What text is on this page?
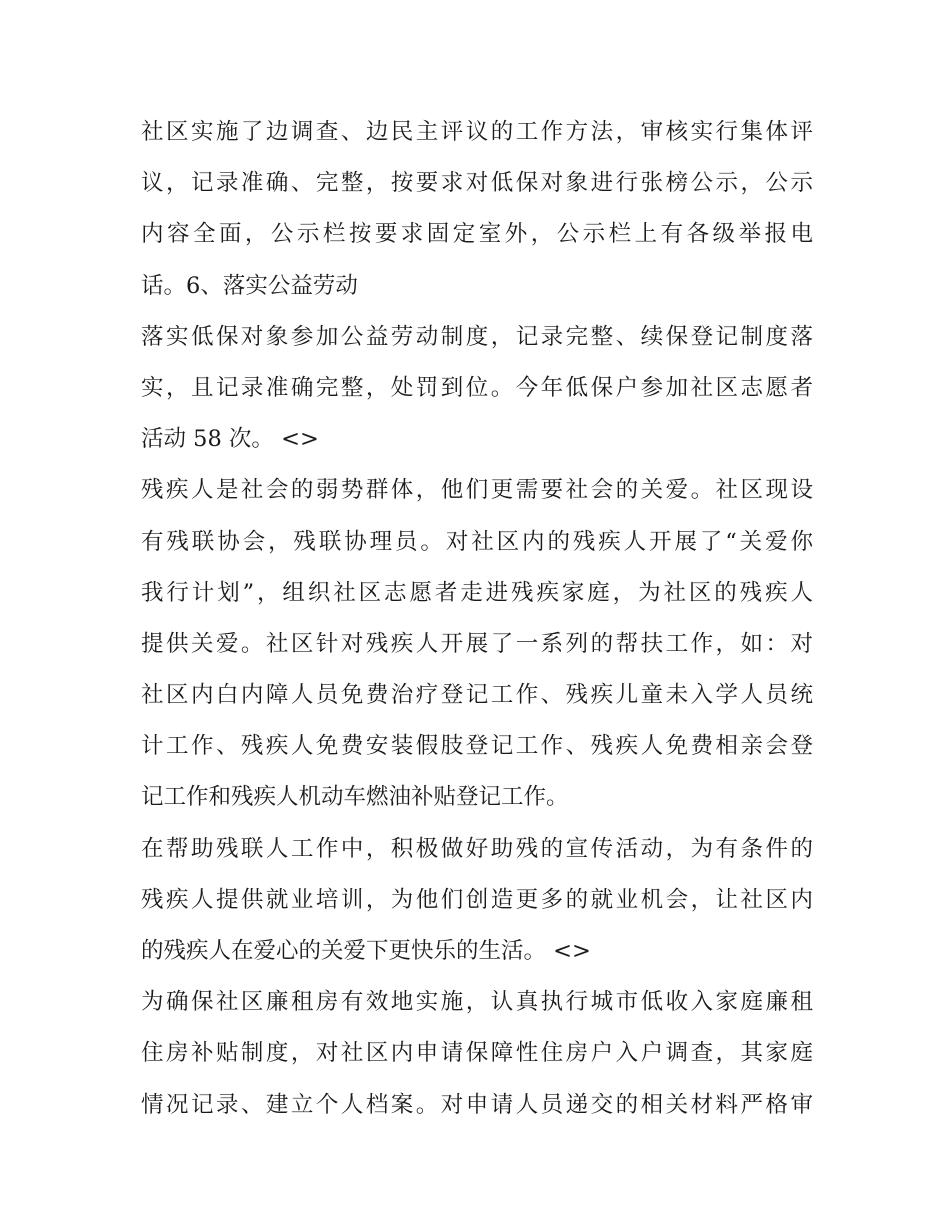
社区实施了边调查、边民主评议的工作方法，审核实行集体评
议，记录准确、完整，按要求对低保对象进行张榜公示，公示
内容全面，公示栏按要求固定室外，公示栏上有各级举报电
话。6、落实公益劳动
落实低保对象参加公益劳动制度，记录完整、续保登记制度落
实，且记录准确完整，处罚到位。今年低保户参加社区志愿者
活动 58 次。 <>
残疾人是社会的弱势群体，他们更需要社会的关爱。社区现设
有残联协会，残联协理员。对社区内的残疾人开展了“关爱你
我行计划”，组织社区志愿者走进残疾家庭，为社区的残疾人
提供关爱。社区针对残疾人开展了一系列的帮扶工作，如：对
社区内白内障人员免费治疗登记工作、残疾儿童未入学人员统
计工作、残疾人免费安装假肢登记工作、残疾人免费相亲会登
记工作和残疾人机动车燃油补贴登记工作。
在帮助残联人工作中，积极做好助残的宣传活动，为有条件的
残疾人提供就业培训，为他们创造更多的就业机会，让社区内
的残疾人在爱心的关爱下更快乐的生活。 <>
为确保社区廉租房有效地实施，认真执行城市低收入家庭廉租
住房补贴制度，对社区内申请保障性住房户入户调查，其家庭
情况记录、建立个人档案。对申请人员递交的相关材料严格审
